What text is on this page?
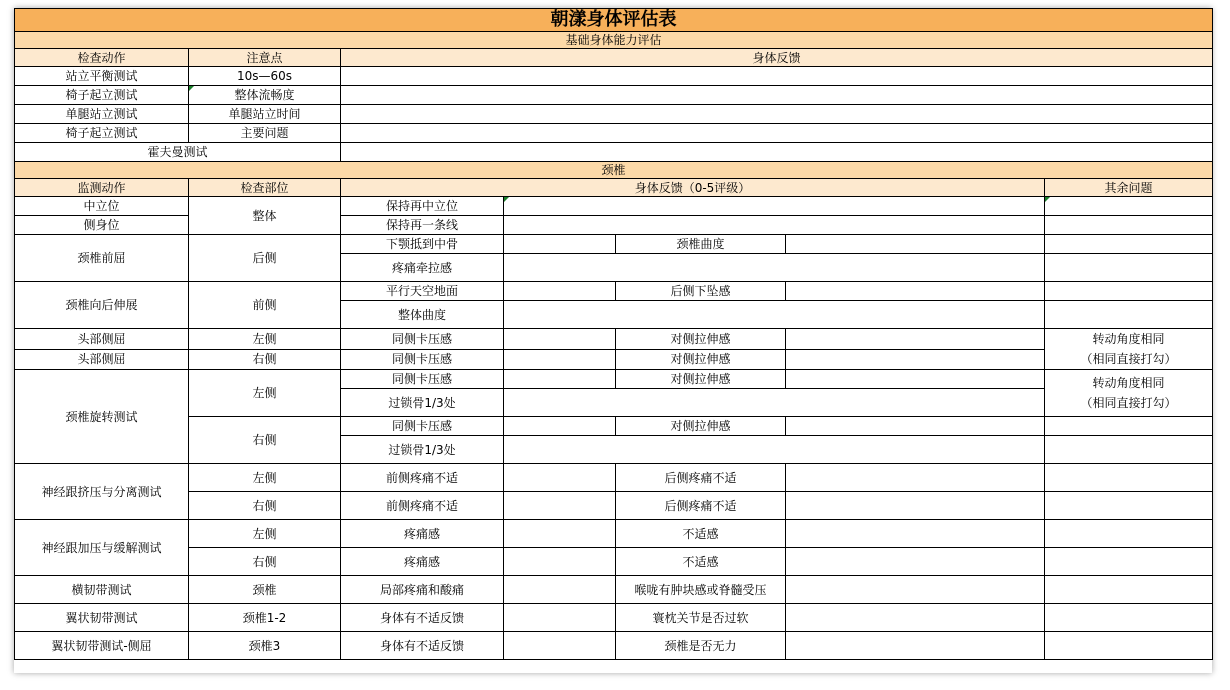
朝漾身体评估表						
基础身体能力评估						
检查动作	注意点	身体反馈				
站立平衡测试	10s—60s					
椅子起立测试	整体流畅度					
单腿站立测试	单腿站立时间					
椅子起立测试	主要问题					
霍夫曼测试						
颈椎						
监测动作	检查部位	身体反馈（0-5评级）				其余问题
中立位	整体	保持再中立位				
侧身位		保持再一条线				
颈椎前屈	后侧	下颚抵到中骨		颈椎曲度		
		疼痛牵拉感				
颈椎向后伸展	前侧	平行天空地面		后侧下坠感		
		整体曲度				
头部侧屈	左侧	同侧卡压感		对侧拉伸感		转动角度相同
（相同直接打勾）

头部侧屈	右侧	同侧卡压感		对侧拉伸感		
颈椎旋转测试	左侧	同侧卡压感		对侧拉伸感		转动角度相同
（相同直接打勾）

		过锁骨1/3处				
	右侧	同侧卡压感		对侧拉伸感		
		过锁骨1/3处				
神经跟挤压与分离测试	左侧	前侧疼痛不适		后侧疼痛不适		
	右侧	前侧疼痛不适		后侧疼痛不适		
神经跟加压与缓解测试	左侧	疼痛感		不适感		
	右侧	疼痛感		不适感		
横韧带测试	颈椎	局部疼痛和酸痛		喉咙有肿块感或脊髓受压		
翼状韧带测试	颈椎1-2	身体有不适反馈		寰枕关节是否过软		
翼状韧带测试-侧屈	颈椎3	身体有不适反馈		颈椎是否无力		
